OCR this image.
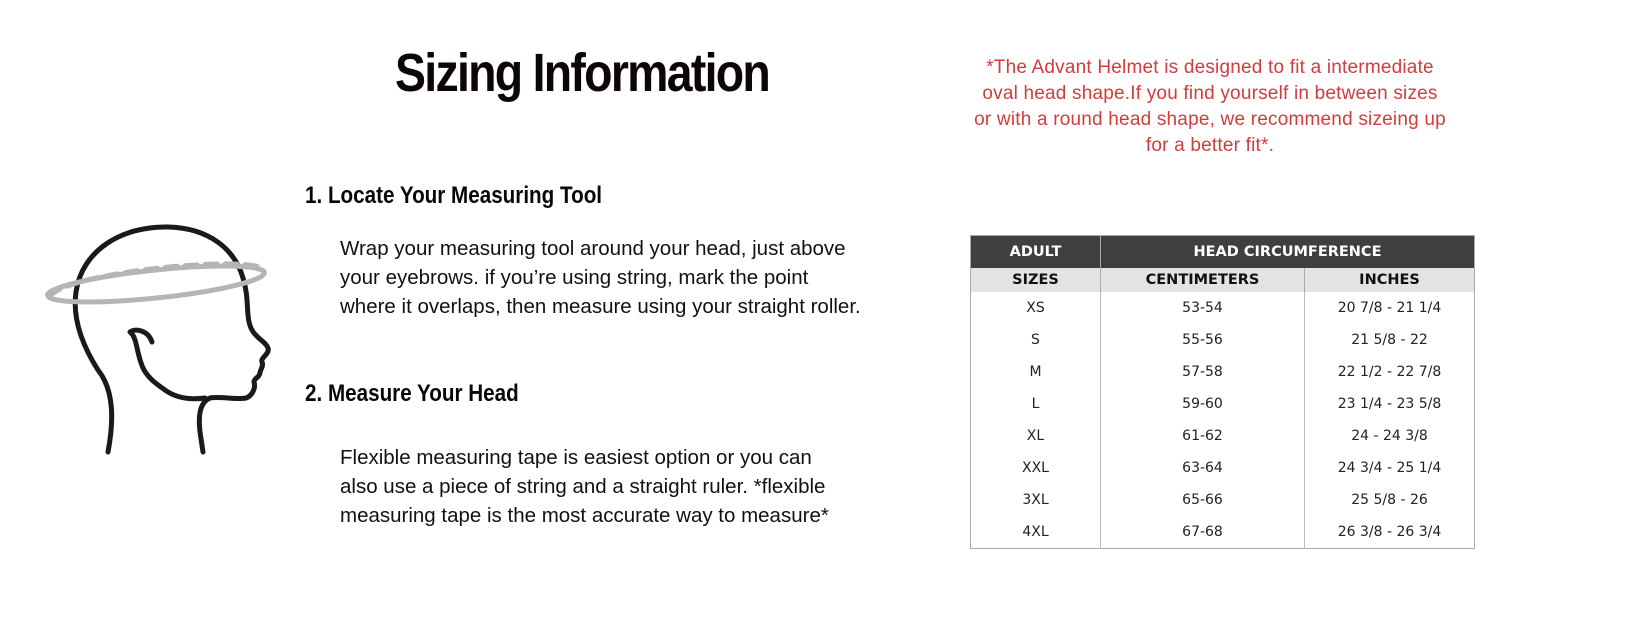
Sizing Information	*The Advant Helmet is designed to fit a intermediate
oval head shape.If you find yourself in between sizes
or with a round head shape, we recommend sizeing up
for a better fit*.
1. Locate Your Measuring Tool
Wrap your measuring tool around your head, just above
your eyebrows. if you’re using string, mark the point
where it overlaps, then measure using your straight roller.
2. Measure Your Head
Flexible measuring tape is easiest option or you can
also use a piece of string and a straight ruler. *flexible
measuring tape is the most accurate way to measure*
ADULT	HEAD CIRCUMFERENCE	
SIZES	CENTIMETERS	INCHES
XS	53-54	20 7/8 - 21 1/4
S	55-56	21 5/8 - 22
M	57-58	22 1/2 - 22 7/8
L	59-60	23 1/4 - 23 5/8
XL	61-62	24 - 24 3/8
XXL	63-64	24 3/4 - 25 1/4
3XL	65-66	25 5/8 - 26
4XL	67-68	26 3/8 - 26 3/4
